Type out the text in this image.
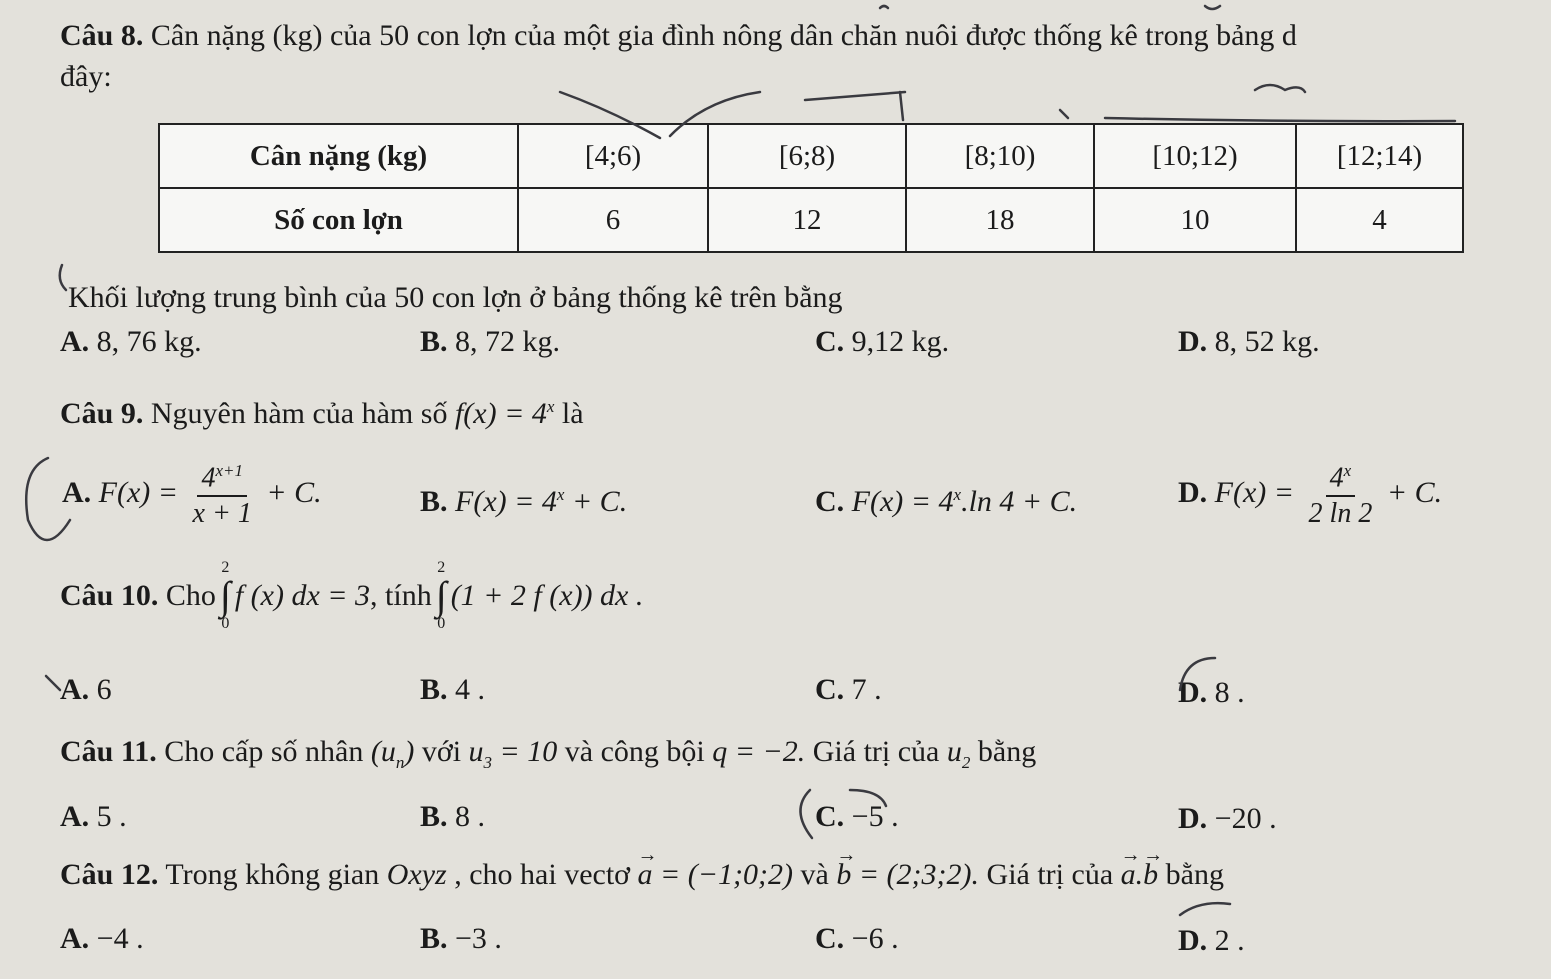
Câu 8. Cân nặng (kg) của 50 con lợn của một gia đình nông dân chăn nuôi được thống kê trong bảng d
đây:
Cân nặng (kg)	[4;6)	[6;8)	[8;10)	[10;12)	[12;14)
Số con lợn	6	12	18	10	4
Khối lượng trung bình của 50 con lợn ở bảng thống kê trên bằng
A. 8, 76 kg.	B. 8, 72 kg.	C. 9,12 kg.	D. 8, 52 kg.
Câu 9. Nguyên hàm của hàm số $f(x) = 4^x$ là
A. $F(x) = \frac{4^{x+1}}{x + 1} + C$.	B. $F(x) = 4^x + C$.	C. $F(x) = 4^x.\ln$ 4 + C.	D. $F(x) = \frac{4^x}{2 \ln 2} + C$.
Câu 10.
Cho
2
∫
0
f (x) dx = 3 , tính
2
∫
0
(1 + 2 f (x)) dx .
A. 6	B. 4 .	C. 7 .	D. 8 .
Câu 11. Cho cấp số nhân $(u_n)$ với $u_3 = 10$ và công bội q = −2. Giá trị của $u_2$ bằng
A. 5 .	B. 8 .	C. −5 .	D. −20 .
Câu 12. Trong không gian Oxyz , cho hai vectơ
→
a = (−1;0;2) và
→
b = (2;3;2). Giá trị của
→
a.
→
b bằng
A. −4 .	B. −3 .	C. −6 .	D. 2 .
